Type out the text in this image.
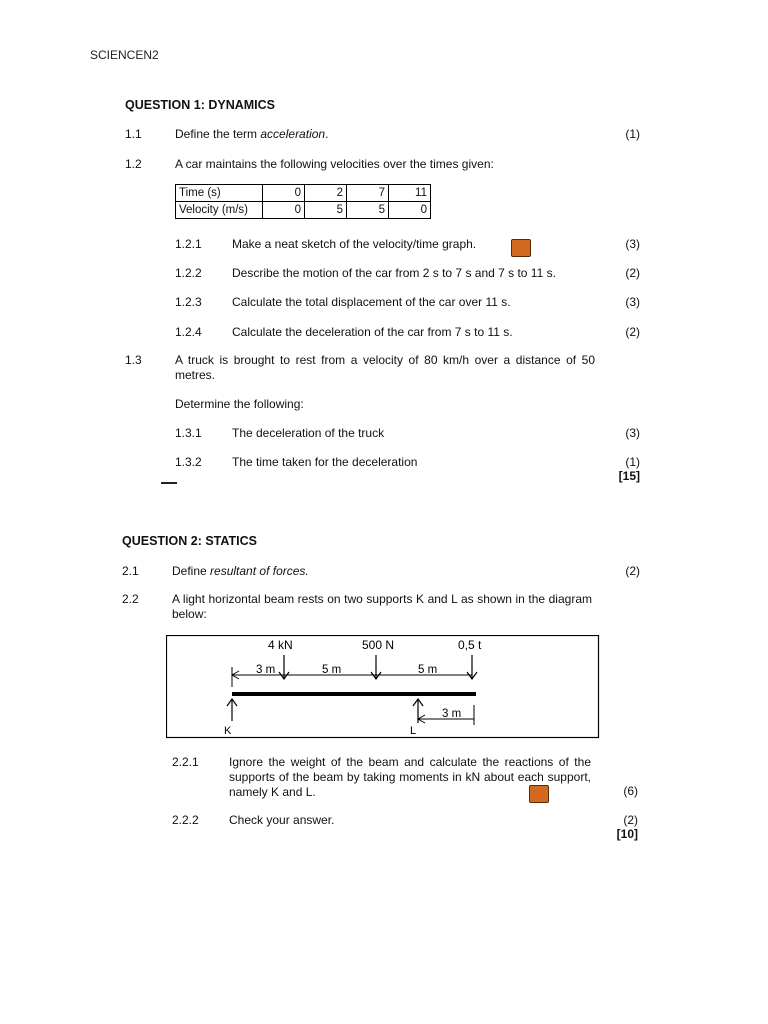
SCIENCEN2
QUESTION 1: DYNAMICS
1.1	Define the term acceleration.	(1)
1.2	A car maintains the following velocities over the times given:
Time (s)	0	2	7	11
Velocity (m/s)	0	5	5	0
1.2.1	Make a neat sketch of the velocity/time graph.	(3)
1.2.2	Describe the motion of the car from 2 s to 7 s and 7 s to 11 s.	(2)
1.2.3	Calculate the total displacement of the car over 11 s.	(3)
1.2.4	Calculate the deceleration of the car from 7 s to 11 s.	(2)
1.3	A truck is brought to rest from a velocity of 80 km/h over a distance of 50 metres.
Determine the following:
1.3.1	The deceleration of the truck	(3)
1.3.2	The time taken for the deceleration	(1)
[15]
QUESTION 2: STATICS
2.1	Define resultant of forces.	(2)
2.2	A light horizontal beam rests on two supports K and L as shown in the diagram below:
4 kN	500 N	0,5 t
3 m	5 m	5 m
K	L
3 m
2.2.1	Ignore the weight of the beam and calculate the reactions of the supports of the beam by taking moments in kN about each support, namely K and L.	(6)
2.2.2	Check your answer.	(2)
[10]
